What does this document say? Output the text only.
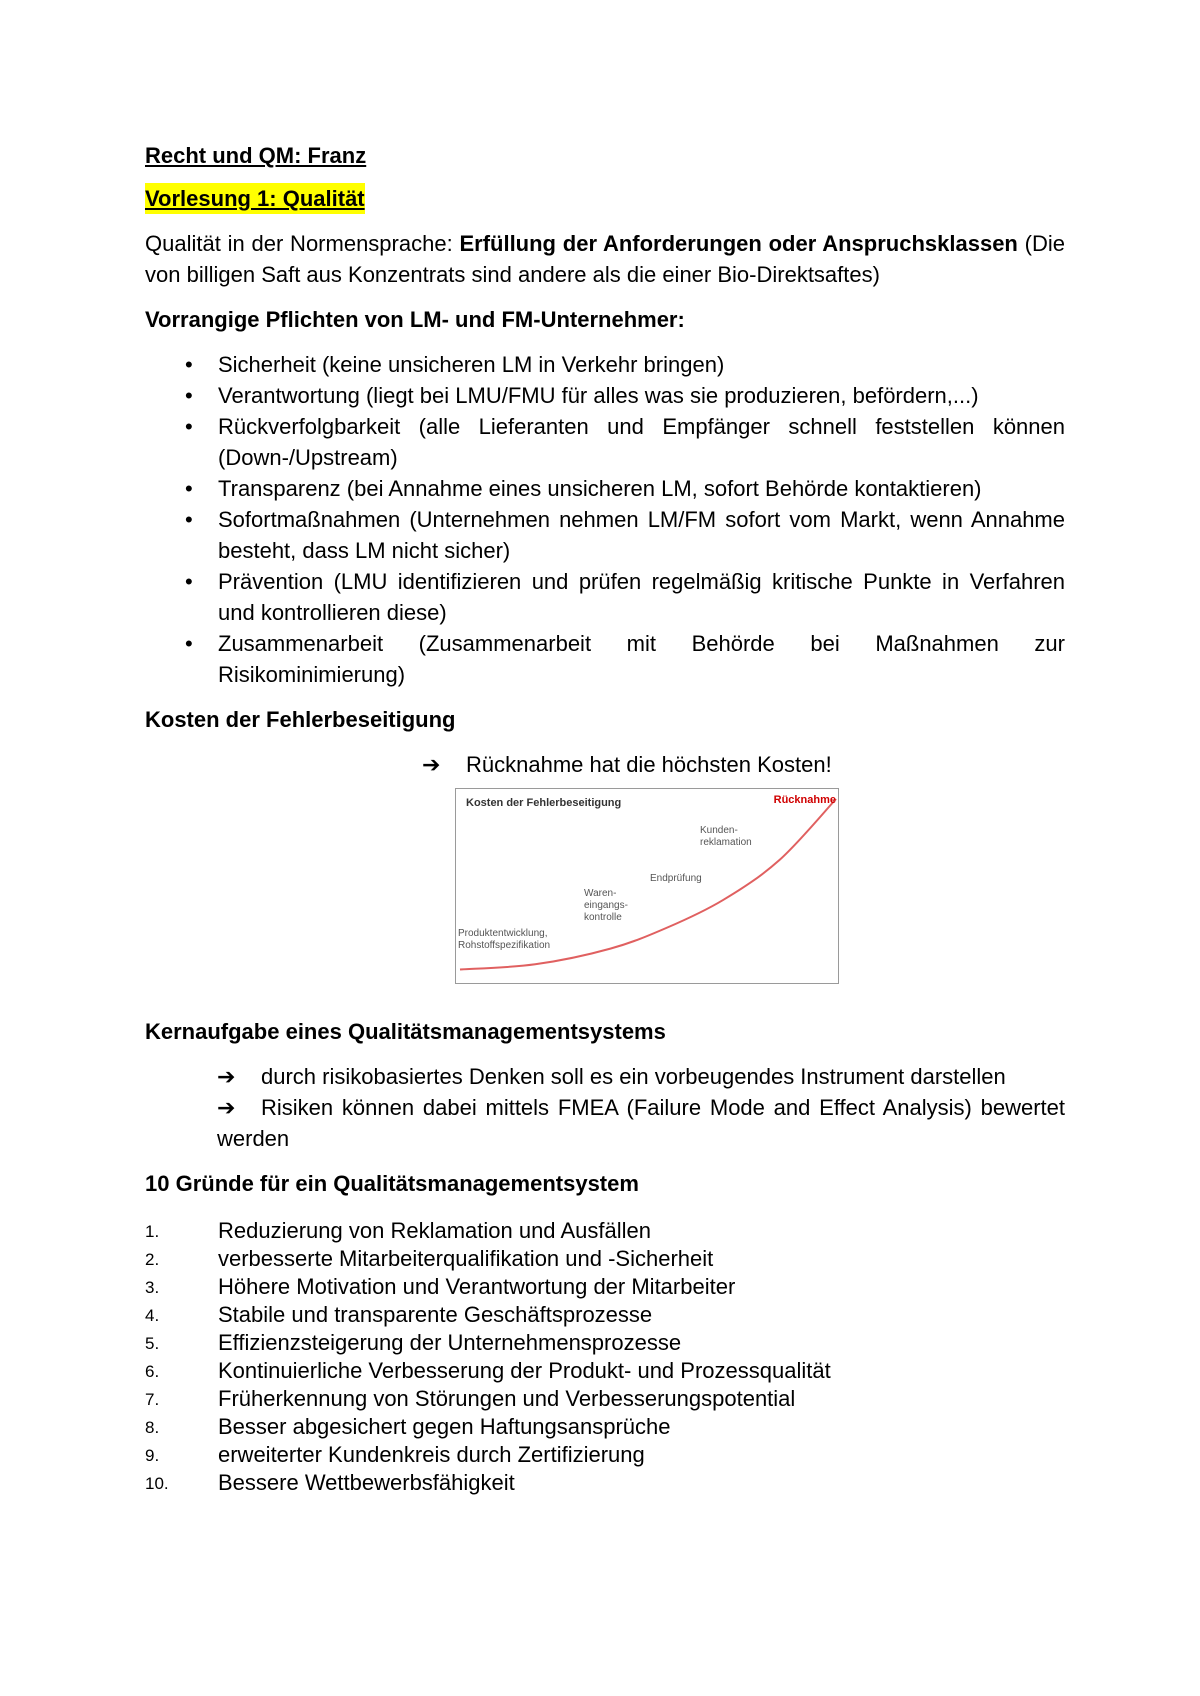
Recht und QM: Franz
Vorlesung 1: Qualität

Qualität in der Normensprache: Erfüllung der Anforderungen oder Anspruchsklassen (Die von billigen Saft aus Konzentrats sind andere als die einer Bio-Direktsaftes)

Vorrangige Pflichten von LM- und FM-Unternehmer:
• Sicherheit (keine unsicheren LM in Verkehr bringen)
• Verantwortung (liegt bei LMU/FMU für alles was sie produzieren, befördern,...)
• Rückverfolgbarkeit (alle Lieferanten und Empfänger schnell feststellen können (Down-/Upstream)
• Transparenz (bei Annahme eines unsicheren LM, sofort Behörde kontaktieren)
• Sofortmaßnahmen (Unternehmen nehmen LM/FM sofort vom Markt, wenn Annahme besteht, dass LM nicht sicher)
• Prävention (LMU identifizieren und prüfen regelmäßig kritische Punkte in Verfahren und kontrollieren diese)
• Zusammenarbeit (Zusammenarbeit mit Behörde bei Maßnahmen zur Risikominimierung)
Kosten der Fehlerbeseitigung
➔ Rücknahme hat die höchsten Kosten!
Kosten der Fehlerbeseitigung	Rücknahme
Kunden-
reklamation
Endprüfung
Waren-
eingangs-
kontrolle
Produktentwicklung,
Rohstoffspezifikation
Kernaufgabe eines Qualitätsmanagementsystems

➔ durch risikobasiertes Denken soll es ein vorbeugendes Instrument darstellen

➔ Risiken können dabei mittels FMEA (Failure Mode and Effect Analysis) bewertet werden

10 Gründe für ein Qualitätsmanagementsystem
1.	Reduzierung von Reklamation und Ausfällen
2.	verbesserte Mitarbeiterqualifikation und -Sicherheit
3.	Höhere Motivation und Verantwortung der Mitarbeiter
4.	Stabile und transparente Geschäftsprozesse
5.	Effizienzsteigerung der Unternehmensprozesse
6.	Kontinuierliche Verbesserung der Produkt- und Prozessqualität
7.	Früherkennung von Störungen und Verbesserungspotential
8.	Besser abgesichert gegen Haftungsansprüche
9.	erweiterter Kundenkreis durch Zertifizierung
10. Bessere Wettbewerbsfähigkeit
